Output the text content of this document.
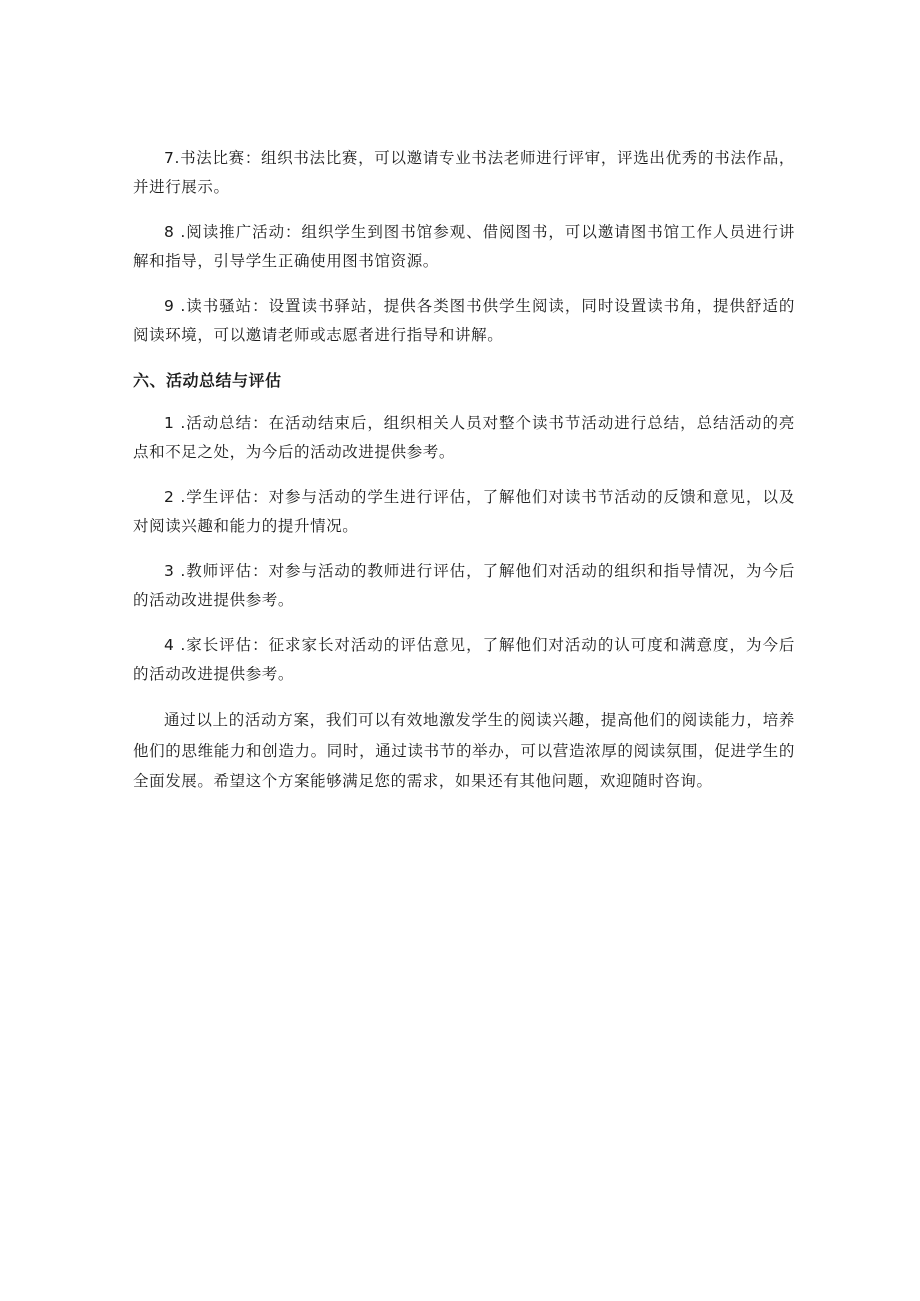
7.书法比赛：组织书法比赛，可以邀请专业书法老师进行评审，评选出优秀的书法作品，并进行展示。

8 .阅读推广活动：组织学生到图书馆参观、借阅图书，可以邀请图书馆工作人员进行讲解和指导，引导学生正确使用图书馆资源。

9 .读书骚站：设置读书驿站，提供各类图书供学生阅读，同时设置读书角，提供舒适的阅读环境，可以邀请老师或志愿者进行指导和讲解。

六、活动总结与评估

1 .活动总结：在活动结束后，组织相关人员对整个读书节活动进行总结，总结活动的亮点和不足之处，为今后的活动改进提供参考。

2 .学生评估：对参与活动的学生进行评估，了解他们对读书节活动的反馈和意见，以及对阅读兴趣和能力的提升情况。

3 .教师评估：对参与活动的教师进行评估，了解他们对活动的组织和指导情况，为今后的活动改进提供参考。

4 .家长评估：征求家长对活动的评估意见，了解他们对活动的认可度和满意度，为今后的活动改进提供参考。

通过以上的活动方案，我们可以有效地激发学生的阅读兴趣，提高他们的阅读能力，培养他们的思维能力和创造力。同时，通过读书节的举办，可以营造浓厚的阅读氛围，促进学生的全面发展。希望这个方案能够满足您的需求，如果还有其他问题，欢迎随时咨询。
